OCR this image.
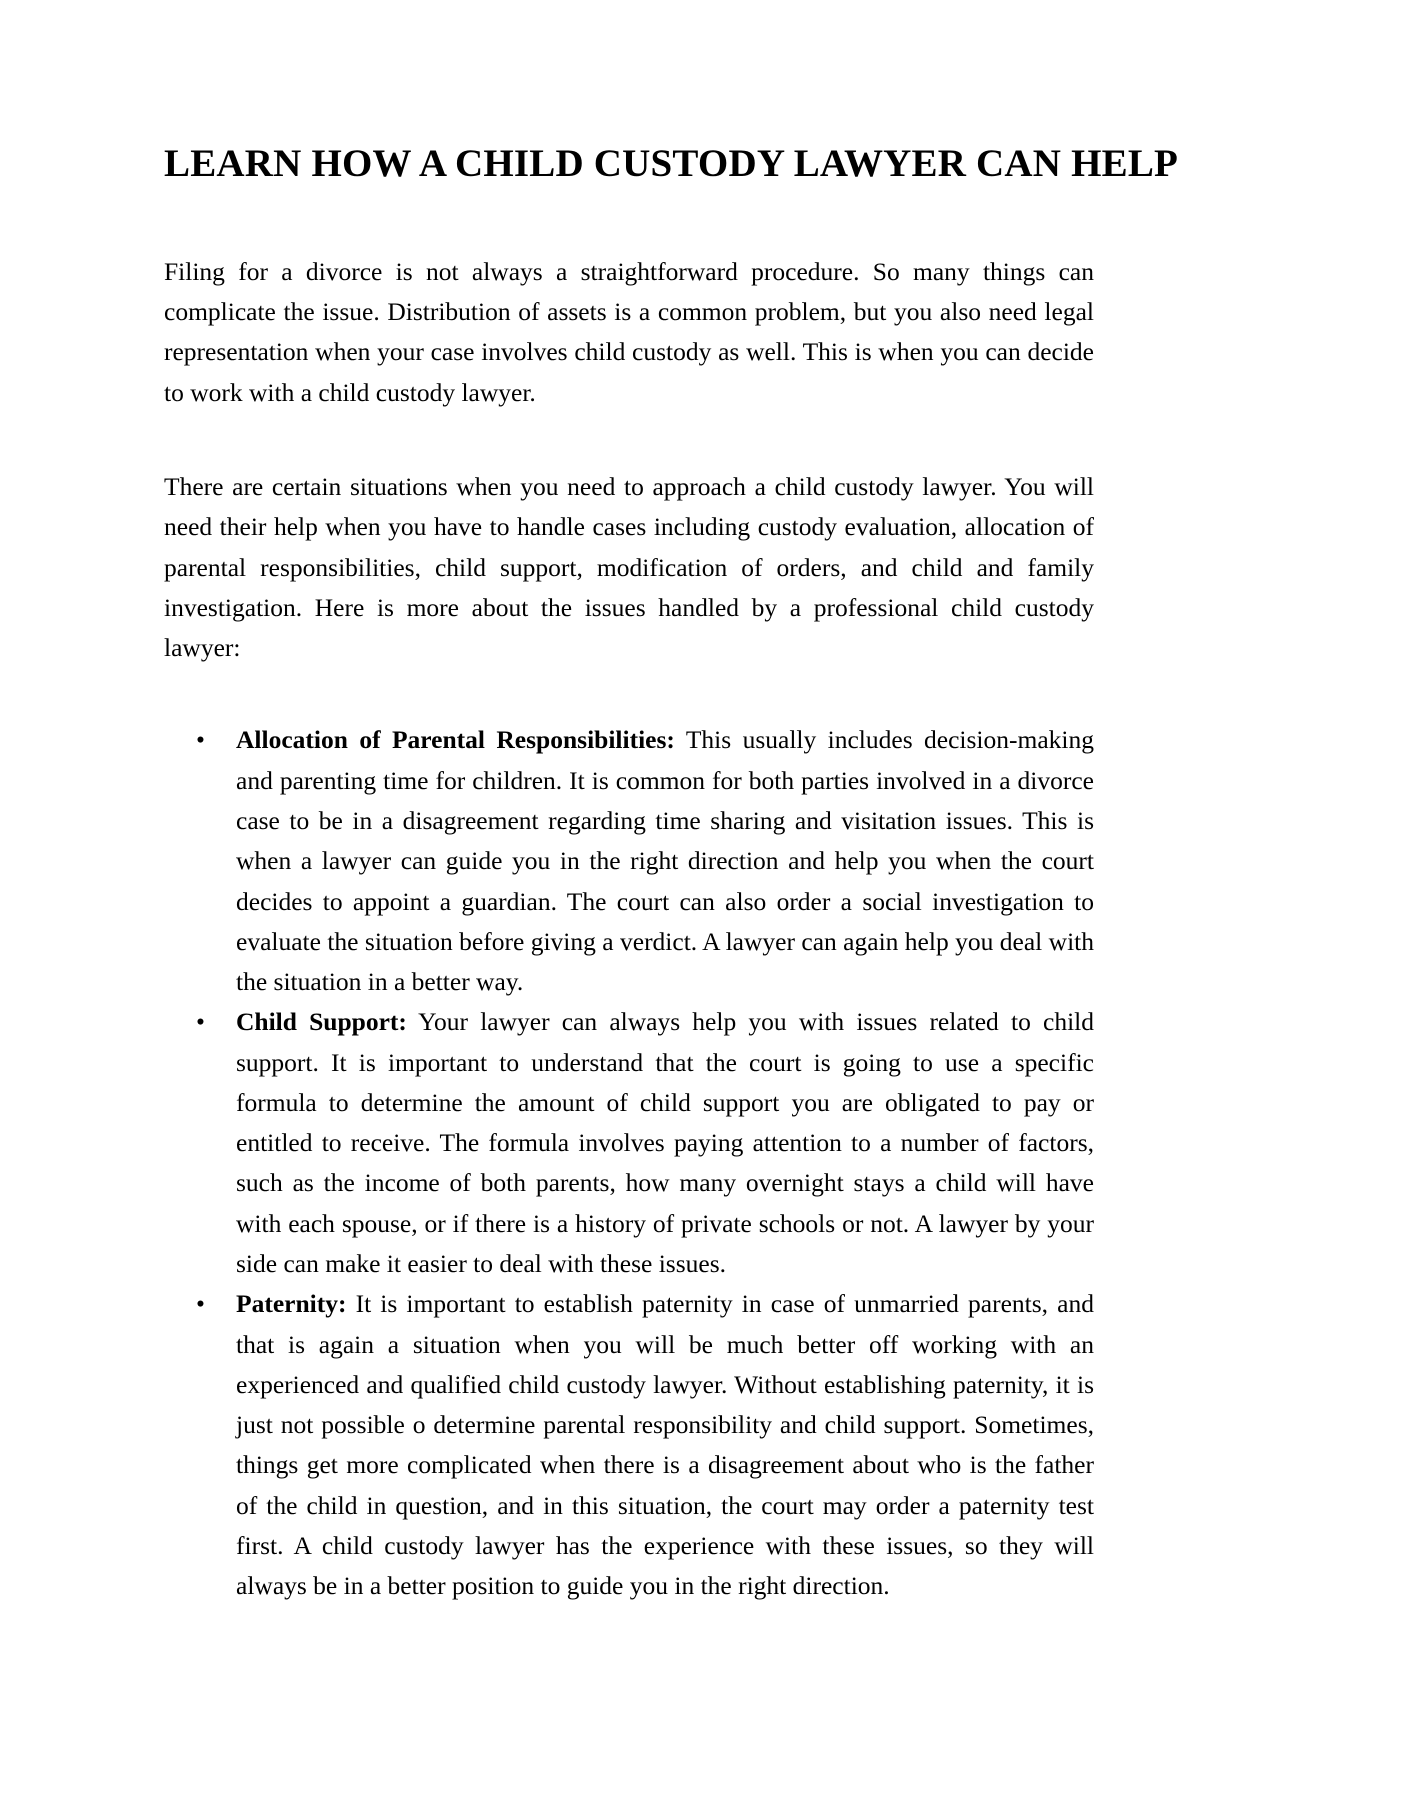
LEARN HOW A CHILD CUSTODY LAWYER CAN HELP

Filing for a divorce is not always a straightforward procedure. So many things can complicate the issue. Distribution of assets is a common problem, but you also need legal representation when your case involves child custody as well. This is when you can decide to work with a child custody lawyer.

There are certain situations when you need to approach a child custody lawyer. You will need their help when you have to handle cases including custody evaluation, allocation of parental responsibilities, child support, modification of orders, and child and family investigation. Here is more about the issues handled by a professional child custody lawyer:

• Allocation of Parental Responsibilities: This usually includes decision-making and parenting time for children. It is common for both parties involved in a divorce case to be in a disagreement regarding time sharing and visitation issues. This is when a lawyer can guide you in the right direction and help you when the court decides to appoint a guardian. The court can also order a social investigation to evaluate the situation before giving a verdict. A lawyer can again help you deal with the situation in a better way.
• Child Support: Your lawyer can always help you with issues related to child support. It is important to understand that the court is going to use a specific formula to determine the amount of child support you are obligated to pay or entitled to receive. The formula involves paying attention to a number of factors, such as the income of both parents, how many overnight stays a child will have with each spouse, or if there is a history of private schools or not. A lawyer by your side can make it easier to deal with these issues.
• Paternity: It is important to establish paternity in case of unmarried parents, and that is again a situation when you will be much better off working with an experienced and qualified child custody lawyer. Without establishing paternity, it is just not possible o determine parental responsibility and child support. Sometimes, things get more complicated when there is a disagreement about who is the father of the child in question, and in this situation, the court may order a paternity test first. A child custody lawyer has the experience with these issues, so they will always be in a better position to guide you in the right direction.
